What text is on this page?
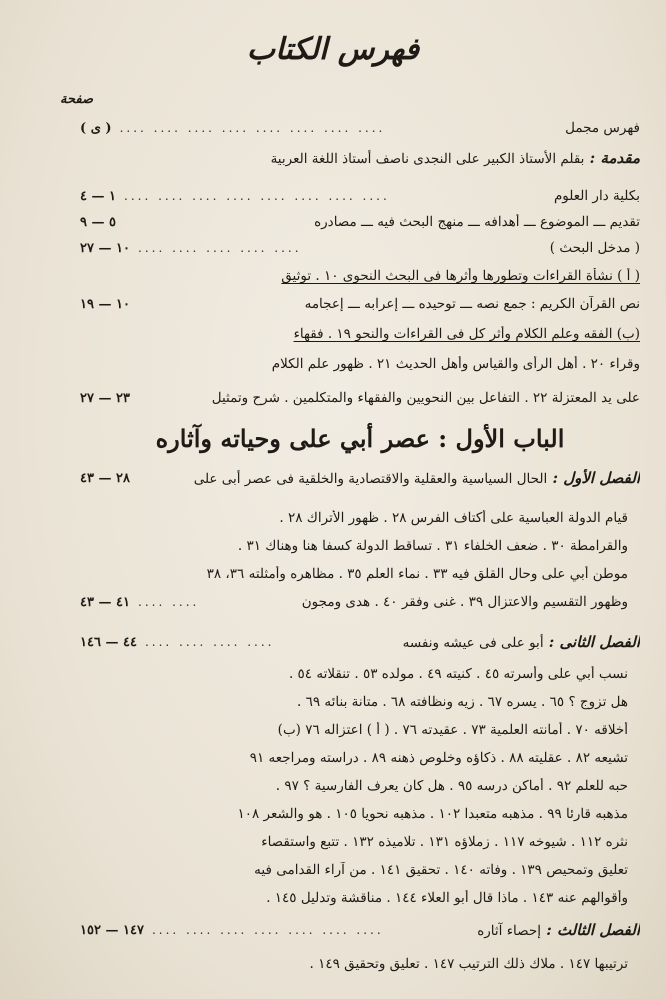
فهرس الكتاب
صفحة
فهرس مجمل
.... .... .... .... .... .... .... ....
( ى )
مقدمة : بقلم الأستاذ الكبير على النجدى ناصف أستاذ اللغة العربية
بكلية دار العلوم
.... .... .... .... .... .... .... ....
١ — ٤
تقديم ـــ الموضوع ـــ أهدافه ـــ منهج البحث فيه ـــ مصادره
٥ — ٩
( مدخل البحث )
.... .... .... .... ....
١٠ — ٢٧
( أ ) نشأة القراءات وتطورها وأثرها فى البحث النحوى ١٠ . توثيق
نص القرآن الكريم : جمع نصه ـــ توحيده ـــ إعرابه ـــ إعجامه
١٠ — ١٩
(ب) الفقه وعلم الكلام وأثر كل فى القراءات والنحو ١٩ . فقهاء
وقراء ٢٠ . أهل الرأى والقياس وأهل الحديث ٢١ . ظهور علم الكلام
على يد المعتزلة ٢٢ . التفاعل بين النحويين والفقهاء والمتكلمين . شرح وتمثيل
٢٣ — ٢٧
الباب الأول : عصر أبي على وحياته وآثاره
الفصل الأول : الحال السياسية والعقلية والاقتصادية والخلقية فى عصر أبى على
٢٨ — ٤٣
قيام الدولة العباسية على أكتاف الفرس ٢٨ . ظهور الأتراك ٢٨ .
والقرامطة ٣٠ . ضعف الخلفاء ٣١ . تساقط الدولة كسفا هنا وهناك ٣١ .
موطن أبي على وحال القلق فيه ٣٣ . نماء العلم ٣٥ . مظاهره وأمثلته ٣٦، ٣٨
وظهور التقسيم والاعتزال ٣٩ . غنى وفقر ٤٠ . هدى ومجون
.... ....
٤١ — ٤٣
الفصل الثانى : أبو على فى عيشه ونفسه
.... .... .... ....
٤٤ — ١٤٦
نسب أبي على وأسرته ٤٥ . كنيته ٤٩ . مولده ٥٣ . تنقلاته ٥٤ .
هل تزوج ؟ ٦٥ . يسره ٦٧ . زيه ونظافته ٦٨ . متانة بنائه ٦٩ .
أخلاقه ٧٠ . أمانته العلمية ٧٣ . عقيدته ٧٦ . ( أ ) اعتزاله ٧٦ (ب)
تشيعه ٨٢ . عقليته ٨٨ . ذكاؤه وخلوص ذهنه ٨٩ . دراسته ومراجعه ٩١
حبه للعلم ٩٢ . أماكن درسه ٩٥ . هل كان يعرف الفارسية ؟ ٩٧ .
مذهبه قارئا ٩٩ . مذهبه متعبدا ١٠٢ . مذهبه نحويا ١٠٥ . هو والشعر ١٠٨
نثره ١١٢ . شيوخه ١١٧ . زملاؤه ١٣١ . تلاميذه ١٣٢ . تتبع واستقصاء
تعليق وتمحيص ١٣٩ . وفاته ١٤٠ . تحقيق ١٤١ . من آراء القدامى فيه
وأقوالهم عنه ١٤٣ . ماذا قال أبو العلاء ١٤٤ . مناقشة وتدليل ١٤٥ .
الفصل الثالث : إحصاء آثاره
.... .... .... .... .... .... ....
١٤٧ — ١٥٢
ترتيبها ١٤٧ . ملاك ذلك الترتيب ١٤٧ . تعليق وتحقيق ١٤٩ .
